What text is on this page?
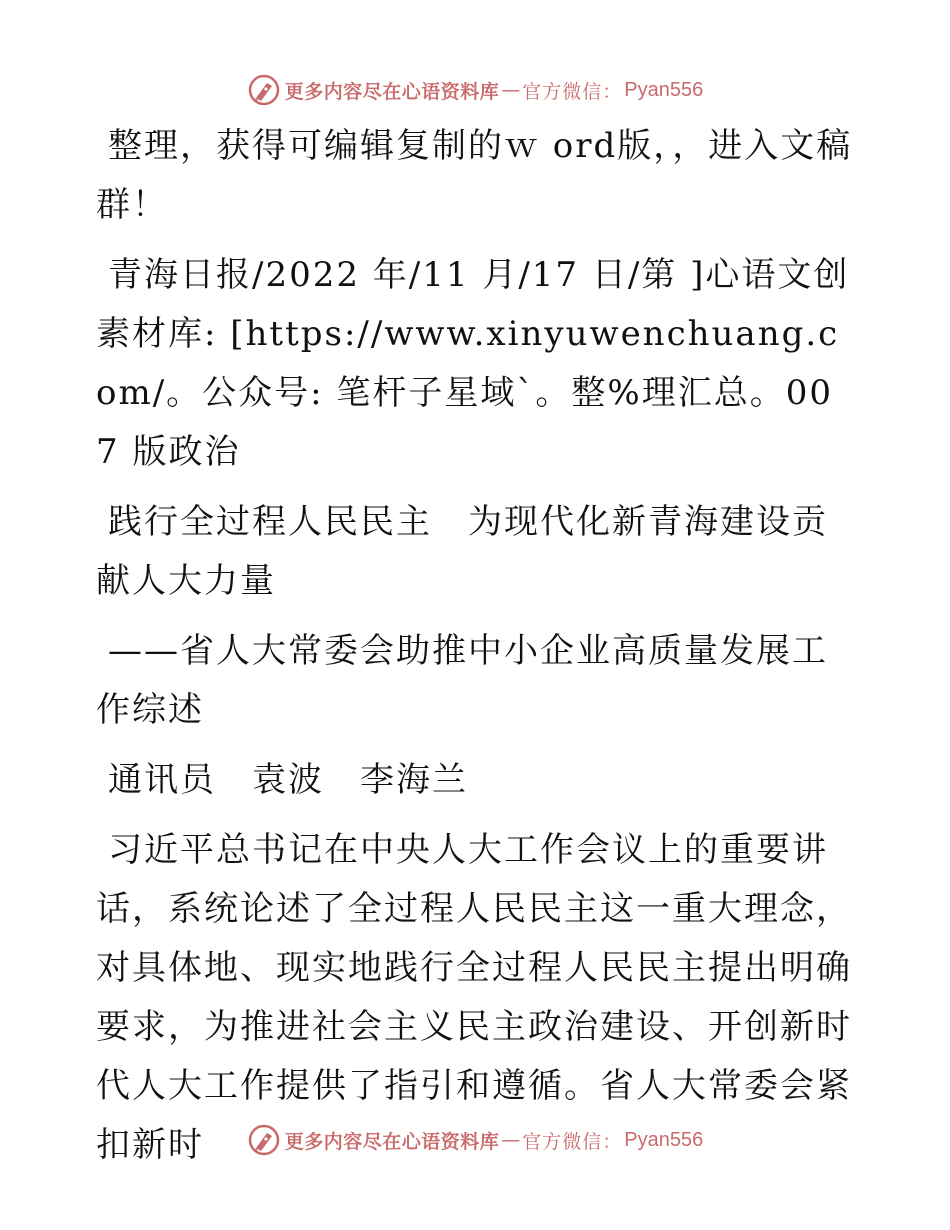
更多内容尽在心语资料库 — 官方微信： Pyan556

整理，获得可编辑复制的ｗ ord版，，进入文稿群！

青海日报/2022 年/11 月/17 日/第 ]心语文创素材库: [https://www.xinyuwenchuang.com/。公众号: 笔杆子星域`。整%理汇总。007 版政治

践行全过程人民民主　为现代化新青海建设贡献人大力量

——省人大常委会助推中小企业高质量发展工作综述

通讯员　袁波　李海兰

习近平总书记在中央人大工作会议上的重要讲话，系统论述了全过程人民民主这一重大理念，对具体地、现实地践行全过程人民民主提出明确要求，为推进社会主义民主政治建设、开创新时代人大工作提供了指引和遵循。省人大常委会紧扣新时	更多内容尽在心语资料库 — 官方微信： Pyan556
